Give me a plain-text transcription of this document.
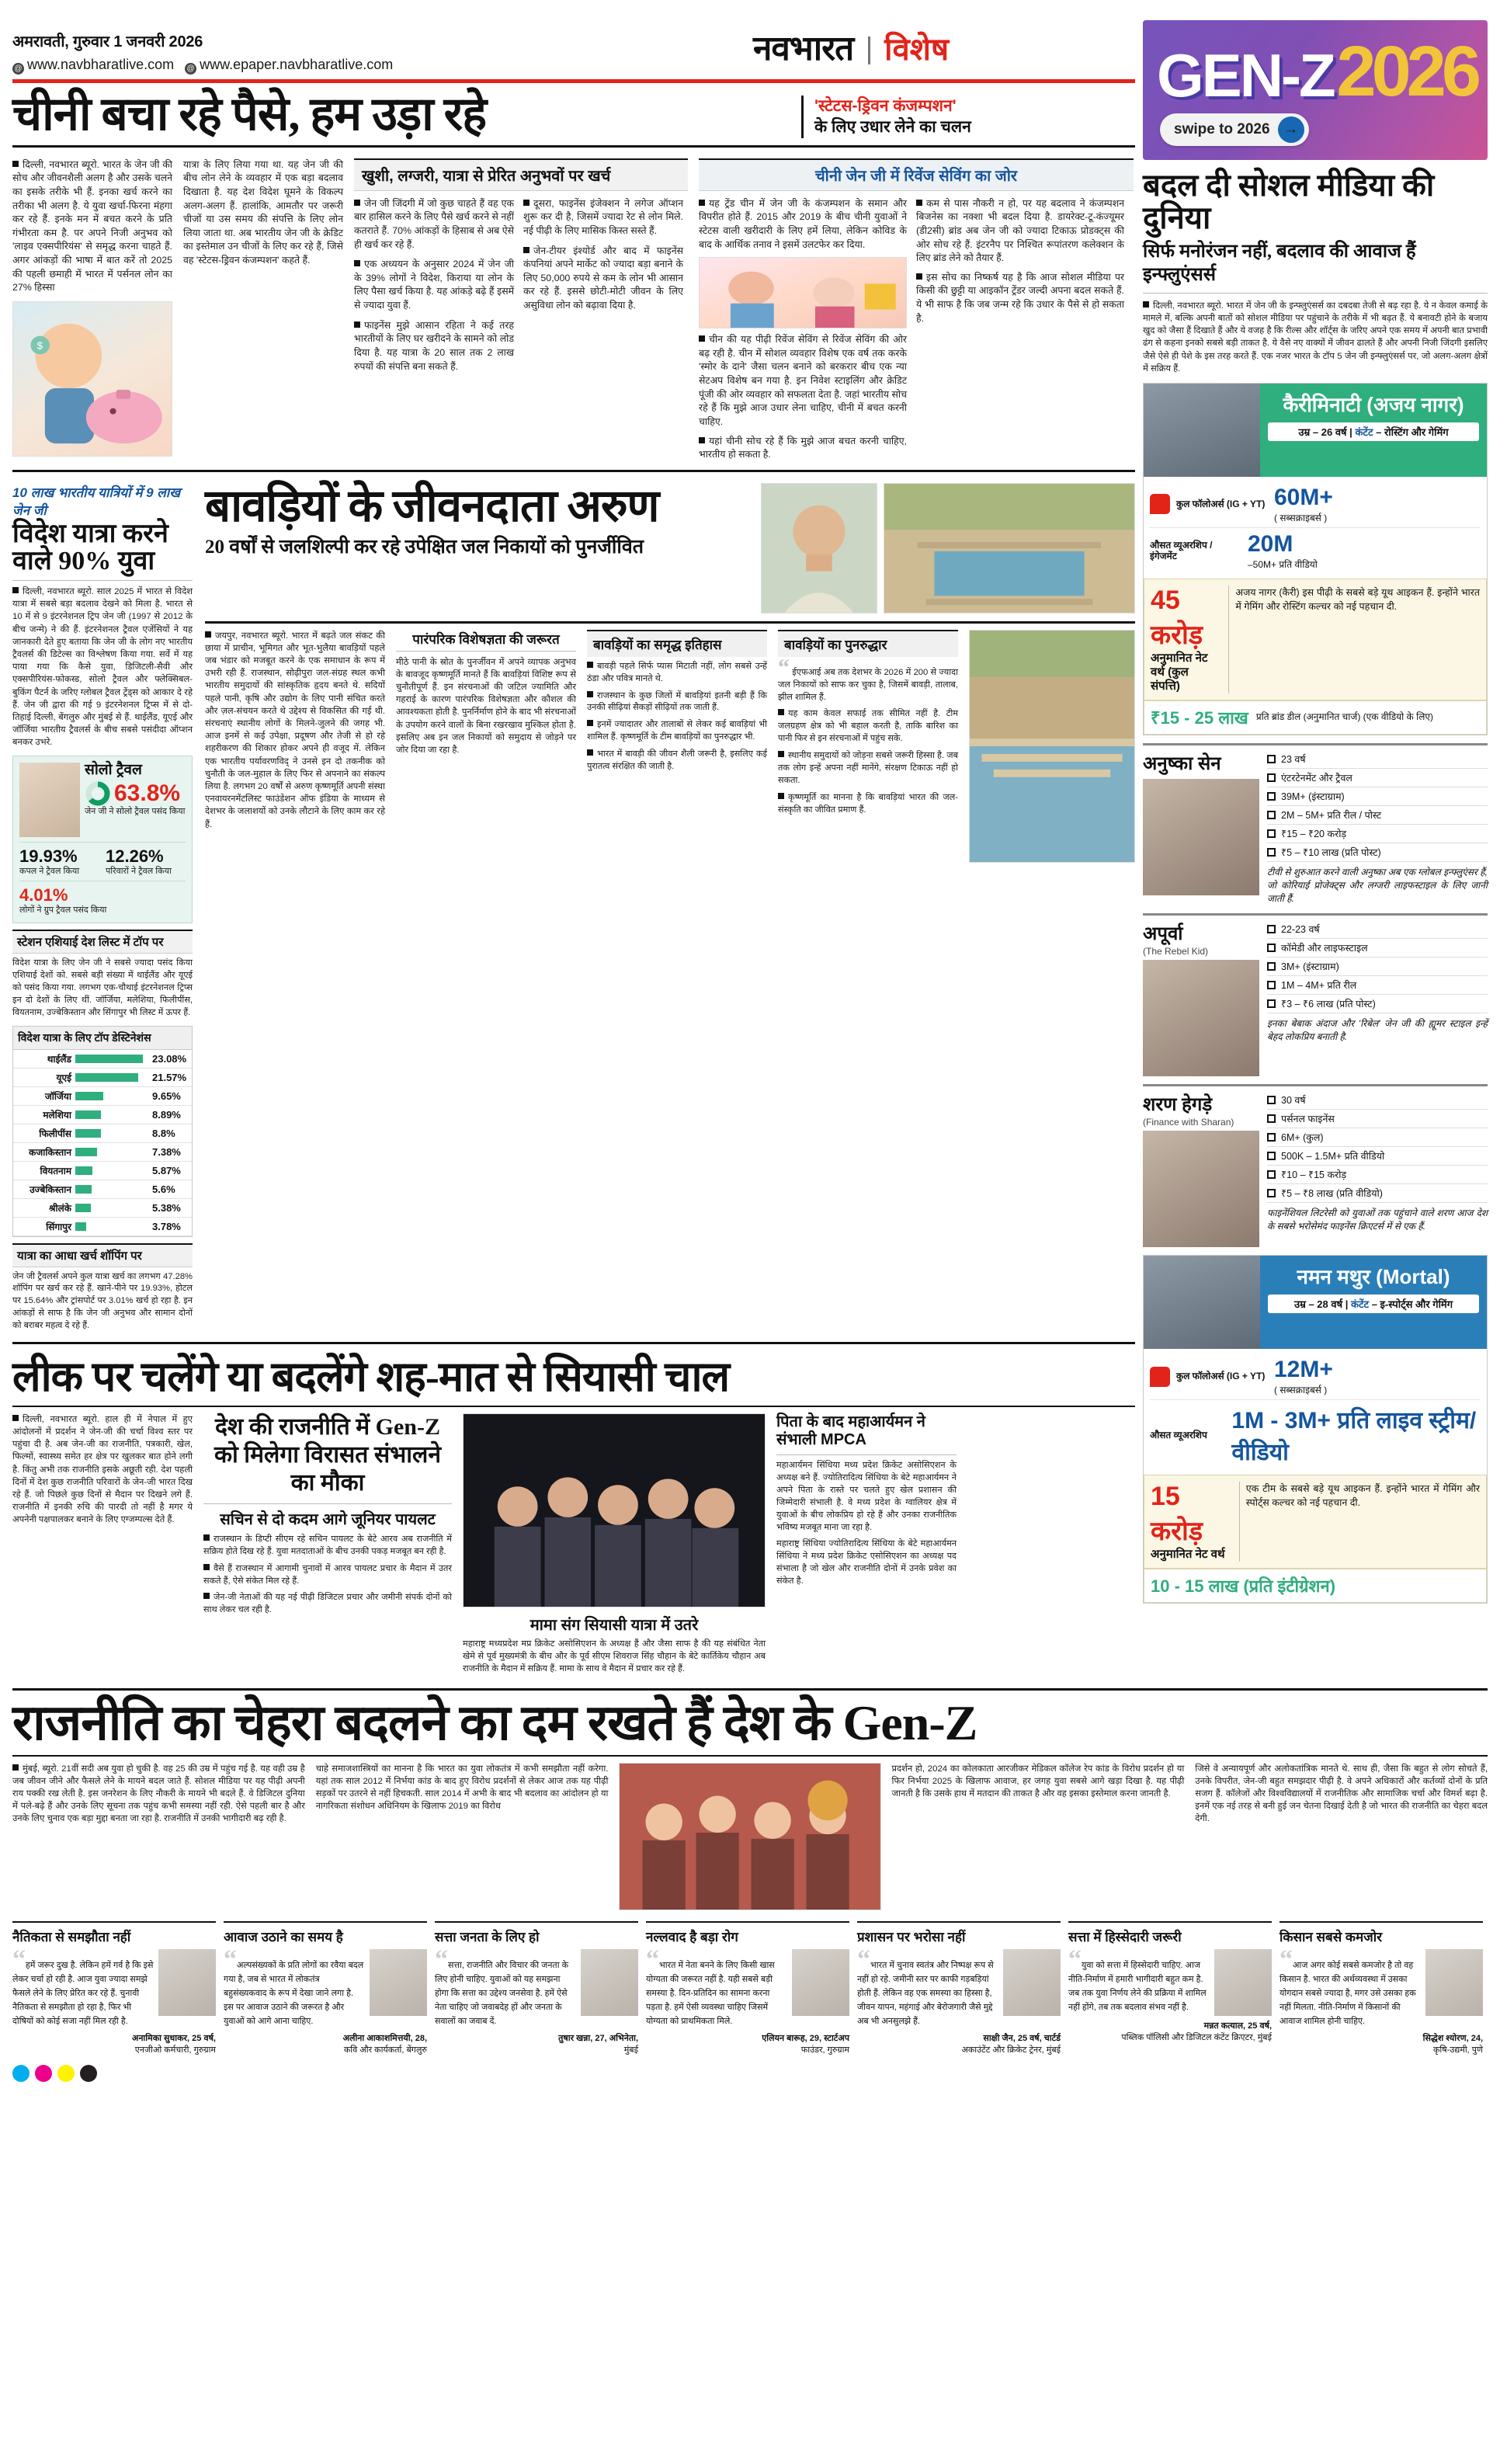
अमरावती, गुरुवार 1 जनवरी 2026
@ www.navbharatlive.com @ www.epaper.navbharatlive.com	नवभारत विशेष	2026
GEN-Z
swipe to 2026 →
चीनी बचा रहे पैसे, हम उड़ा रहे	'स्टेटस-ड्रिवन कंजम्पशन'
के लिए उधार लेने का चलन

दिल्ली, नवभारत ब्यूरो. भारत के जेन जी की सोच और जीवनशैली अलग है और उसके चलने का इसके तरीके भी हैं. इनका खर्च करने का तरीका भी अलग है. ये युवा खर्चा-फिरना मंहगा कर रहे हैं. इनके मन में बचत करने के प्रति गंभीरता कम है. पर अपने निजी अनुभव को 'लाइव एक्सपीरियंस' से समृद्ध करना चाहते हैं. अगर आंकड़ों की भाषा में बात करें तो 2025 की पहली छमाही में भारत में पर्सनल लोन का 27% हिस्सा

$

यात्रा के लिए लिया गया था. यह जेन जी की बीच लोन लेने के व्यवहार में एक बड़ा बदलाव दिखाता है. यह देश विदेश घूमने के विकल्प अलग-अलग हैं. हालांकि, आमतौर पर जरूरी चीजों या उस समय की संपत्ति के लिए लोन लिया जाता था. अब भारतीय जेन जी के क्रेडिट का इस्तेमाल उन चीजों के लिए कर रहे हैं, जिसे वह 'स्टेटस-ड्रिवन कंजम्पशन' कहते हैं.

खुशी, लग्जरी, यात्रा से प्रेरित अनुभवों पर खर्च

जेन जी जिंदगी में जो कुछ चाहते हैं वह एक बार हासिल करने के लिए पैसे खर्च करने से नहीं कतराते हैं. 70% आंकड़ों के हिसाब से अब ऐसे ही खर्च कर रहे हैं.

एक अध्ययन के अनुसार 2024 में जेन जी के 39% लोगों ने विदेश, किराया या लोन के लिए पैसा खर्च किया है. यह आंकड़े बढ़े हैं इसमें से ज्यादा युवा हैं.

फाइनेंस मुझे आसान रहिता ने कई तरह भारतीयों के लिए घर खरीदने के सामने को लोड दिया है. यह यात्रा के 20 साल तक 2 लाख रुपयों की संपत्ति बना सकते हैं.

दूसरा, फाइनेंस इंजेक्शन ने लगेज ऑप्शन शुरू कर दी है, जिसमें ज्यादा रेट से लोन मिले. नई पीढ़ी के लिए मासिक किस्त सस्ते हैं.

जेन-टीयर इंश्योर्ड और बाद में फाइनेंस कंपनियां अपने मार्केट को ज्यादा बड़ा बनाने के लिए 50,000 रुपये से कम के लोन भी आसान कर रहे हैं. इससे छोटी-मोटी जीवन के लिए असुविधा लोन को बढ़ावा दिया है.

चीनी जेन जी में रिवेंज सेविंग का जोर

यह ट्रेंड चीन में जेन जी के कंजम्पशन के समान और विपरीत होते हैं. 2015 और 2019 के बीच चीनी युवाओं ने स्टेटस वाली खरीदारी के लिए हमें लिया, लेकिन कोविड के बाद के आर्थिक तनाव ने इसमें उलटफेर कर दिया.

चीन की यह पीढ़ी रिवेंज सेविंग से रिवेंज सेविंग की ओर बढ़ रही है. चीन में सोशल व्यवहार विशेष एक वर्ष तक करके 'स्मोर के दाने' जैसा चलन बनाने को बरकरार बीच एक न्या सेटअप विशेष बन गया है. इन निवेश स्टाइलिंग और क्रेडिट पूंजी की ओर व्यवहार को सफलता देता है. जहां भारतीय सोच रहे हैं कि मुझे आज उधार लेना चाहिए, चीनी में बचत करनी चाहिए.

यहां चीनी सोच रहे हैं कि मुझे आज बचत करनी चाहिए, भारतीय हो सकता है.

कम से पास नौकरी न हो, पर यह बदलाव ने कंजम्पशन बिजनेस का नक्शा भी बदल दिया है. डायरेक्ट-टू-कंज्यूमर (डी2सी) ब्रांड अब जेन जी को ज्यादा टिकाऊ प्रोडक्ट्स की ओर सोच रहे हैं. इंटरनैप पर निश्चित रूपांतरण कलेक्शन के लिए ब्रांड लेने को तैयार हैं.

इस सोच का निष्कर्ष यह है कि आज सोशल मीडिया पर किसी की छुट्टी या आइकॉन ट्रेंडर जल्दी अपना बदल सकते हैं. ये भी साफ है कि जब जन्म रहे कि उधार के पैसे से हो सकता है.

10 लाख भारतीय यात्रियों में 9 लाख जेन जी
विदेश यात्रा करने वाले 90% युवा

दिल्ली, नवभारत ब्यूरो. साल 2025 में भारत से विदेश यात्रा में सबसे बड़ा बदलाव देखने को मिला है. भारत से 10 में से 9 इंटरनेशनल ट्रिप जेन जी (1997 से 2012 के बीच जन्मे) ने की हैं. इंटरनेशनल ट्रैवल एजेंसियों ने यह जानकारी देते हुए बताया कि जेन जी के लोग नए भारतीय ट्रैवलर्स की डिटेल्स का विश्लेषण किया गया. सर्वे में यह पाया गया कि कैसे युवा, डिजिटली-सैवी और एक्सपीरियंस-फोकस्ड, सोलो ट्रैवल और फ्लेक्सिबल-बुकिंग पैटर्न के जरिए ग्लोबल ट्रैवल ट्रेंड्स को आकार दे रहे हैं. जेन जी द्वारा की गई 9 इंटरनेशनल ट्रिप्स में से दो-तिहाई दिल्ली, बेंगलुरु और मुंबई से हैं. थाईलैंड, यूएई और जॉर्जिया भारतीय ट्रैवलर्स के बीच सबसे पसंदीदा ऑप्शन बनकर उभरे.

सोलो ट्रैवल
63.8%
जेन जी ने सोलो ट्रैवल पसंद किया
19.93%
कपल ने ट्रैवल किया
12.26%
परिवारों ने ट्रैवल किया
4.01%
लोगों ने ग्रुप ट्रैवल पसंद किया
स्टेशन एशियाई देश लिस्ट में टॉप पर

विदेश यात्रा के लिए जेन जी ने सबसे ज्यादा पसंद किया एशियाई देशों को. सबसे बड़ी संख्या में थाईलैंड और यूएई को पसंद किया गया. लगभग एक-चौथाई इंटरनेशनल ट्रिप्स इन दो देशों के लिए थीं. जॉर्जिया, मलेशिया, फिलीपींस, वियतनाम, उज्बेकिस्तान और सिंगापुर भी लिस्ट में ऊपर हैं.

विदेश यात्रा के लिए टॉप डेस्टिनेशंस
थाईलैंड	23.08%
यूएई	21.57%
जॉर्जिया	9.65%
मलेशिया	8.89%
फिलीपींस	8.8%
कजाकिस्तान	7.38%
वियतनाम	5.87%
उज्बेकिस्तान	5.6%
श्रीलंके	5.38%
सिंगापुर	3.78%
यात्रा का आधा खर्च शॉपिंग पर

जेन जी ट्रैवलर्स अपने कुल यात्रा खर्च का लगभग 47.28% शॉपिंग पर खर्च कर रहे हैं. खाने-पीने पर 19.93%, होटल पर 15.64% और ट्रांसपोर्ट पर 3.01% खर्च हो रहा है. इन आंकड़ों से साफ है कि जेन जी अनुभव और सामान दोनों को बराबर महत्व दे रहे हैं.

बावड़ियों के जीवनदाता अरुण
20 वर्षों से जलशिल्पी कर रहे उपेक्षित जल निकायों को पुनर्जीवित

जयपुर, नवभारत ब्यूरो. भारत में बढ़ते जल संकट की छाया में प्राचीन, भूमिगत और भूत-भुलैया बावड़ियों पहले जब भंडार को मजबूत करने के एक समाधान के रूप में उभरी रही हैं. राजस्थान, सोढ़ीपुरा जल-संग्रह स्थल कभी भारतीय समुदायों की सांस्कृतिक हृदय बनते थे. सदियों पहले पानी, कृषि और उद्योग के लिए पानी संचित करते और ज़ल-संचयन करते थे उद्देश्य से विकसित की गई थी. संरचनाएं स्थानीय लोगों के मिलने-जुलने की जगह भी. आज इनमें से कई उपेक्षा, प्रदूषण और तेजी से हो रहे शहरीकरण की शिकार होकर अपने ही वजूद में. लेकिन एक भारतीय पर्यावरणविद् ने उनसे इन दो तकनीक को चुनौती के जल-मुहाल के लिए फिर से अपनाने का संकल्प लिया है. लगभग 20 वर्षों से अरुण कृष्णमूर्ति अपनी संस्था एनवायरनमेंटलिस्ट फाउंडेशन ऑफ इंडिया के माध्यम से देशभर के जलाशयों को उनके लौटाने के लिए काम कर रहे हैं.

पारंपरिक विशेषज्ञता की जरूरत

मीठे पानी के स्रोत के पुनर्जीवन में अपने व्यापक अनुभव के बावजूद कृष्णमूर्ति मानते हैं कि बावड़ियां विशिष्ट रूप से चुनौतीपूर्ण हैं. इन संरचनाओं की जटिल ज्यामिति और गहराई के कारण पारंपरिक विशेषज्ञता और कौशल की आवश्यकता होती है. पुनर्निर्माण होने के बाद भी संरचनाओं के उपयोग करने वालों के बिना रखरखाव मुश्किल होता है. इसलिए अब इन जल निकायों को समुदाय से जोड़ने पर जोर दिया जा रहा है.

बावड़ियों का समृद्ध इतिहास

बावड़ी पहले सिर्फ प्यास मिटाती नहीं, लोग सबसे उन्हें ठंडा और पवित्र मानते थे.

राजस्थान के कुछ जिलों में बावड़ियां इतनी बड़ी हैं कि उनकी सीढ़ियां सैकड़ों सीढ़ियों तक जाती हैं.

इनमें ज्यादातर और तालाबों से लेकर कई बावड़ियां भी शामिल हैं. कृष्णमूर्ति के टीम बावड़ियों का पुनरुद्धार भी.

भारत में बावड़ी की जीवन शैली जरूरी है, इसलिए कई पुरातत्व संरक्षित की जाती है.

बावड़ियों का पुनरुद्धार

“ ईएफआई अब तक देशभर के 2026 में 200 से ज्यादा जल निकायों को साफ कर चुका है, जिसमें बावड़ी, तालाब, झील शामिल हैं.

यह काम केवल सफाई तक सीमित नहीं है. टीम जलग्रहण क्षेत्र को भी बहाल करती है, ताकि बारिश का पानी फिर से इन संरचनाओं में पहुंच सके.

स्थानीय समुदायों को जोड़ना सबसे जरूरी हिस्सा है. जब तक लोग इन्हें अपना नहीं मानेंगे, संरक्षण टिकाऊ नहीं हो सकता.

कृष्णमूर्ति का मानना है कि बावड़ियां भारत की जल-संस्कृति का जीवित प्रमाण हैं.

लीक पर चलेंगे या बदलेंगे शह-मात से सियासी चाल

दिल्ली, नवभारत ब्यूरो. हाल ही में नेपाल में हुए आंदोलनों में प्रदर्शन ने जेन-जी की चर्चा विश्व स्तर पर पहुंचा दी है. अब जेन-जी का राजनीति, पत्रकारी, खेल, फिल्मों, स्वास्थ्य समेत हर क्षेत्र पर खुलकर बात होने लगी है. किंतु अभी तक राजनीति इसके अछूती रही. देश पहली दिनों में देश कुछ राजनीति परिवारों के जेन-जी भारत दिख रहे हैं. जो पिछले कुछ दिनों से मैदान पर दिखने लगे हैं. राजनीति में इनकी रुचि की पारदी तो नहीं है मगर ये अपनेनी पक्षपालकर बनाने के लिए एग्जम्पल्स देते हैं.

देश की राजनीति में Gen-Z को मिलेगा विरासत संभालने का मौका
सचिन से दो कदम आगे जूनियर पायलट

राजस्थान के डिप्टी सीएम रहे सचिन पायलट के बेटे आरव अब राजनीति में सक्रिय होते दिख रहे हैं. युवा मतदाताओं के बीच उनकी पकड़ मजबूत बन रही है.

वैसे हैं राजस्थान में आगामी चुनावों में आरव पायलट प्रचार के मैदान में उतर सकते हैं, ऐसे संकेत मिल रहे हैं.

जेन-जी नेताओं की यह नई पीढ़ी डिजिटल प्रचार और जमीनी संपर्क दोनों को साथ लेकर चल रही है.

मामा संग सियासी यात्रा में उतरे

महाराष्ट्र मध्यप्रदेश मप्र क्रिकेट असोसिएशन के अध्यक्ष हैं और जैसा साफ है की यह संबंधित नेता खेमे से पूर्व मुख्यमंत्री के बीच और के पूर्व सीएम शिवराज सिंह चौहान के बेटे कार्तिकेय चौहान अब राजनीति के मैदान में सक्रिय हैं. मामा के साथ वे मैदान में प्रचार कर रहे हैं.

पिता के बाद महाआर्यमन ने संभाली MPCA

महाआर्यमन सिंधिया मध्य प्रदेश क्रिकेट असोसिएशन के अध्यक्ष बने हैं. ज्योतिरादित्य सिंधिया के बेटे महाआर्यमन ने अपने पिता के रास्ते पर चलते हुए खेल प्रशासन की जिम्मेदारी संभाली है. वे मध्य प्रदेश के ग्वालियर क्षेत्र में युवाओं के बीच लोकप्रिय हो रहे हैं और उनका राजनीतिक भविष्य मजबूत माना जा रहा है.

महाराष्ट्र सिंधिया ज्योतिरादित्य सिंधिया के बेटे महाआर्यमन सिंधिया ने मध्य प्रदेश क्रिकेट एसोसिएशन का अध्यक्ष पद संभाला है जो खेल और राजनीति दोनों में उनके प्रवेश का संकेत है.

राजनीति का चेहरा बदलने का दम रखते हैं देश के Gen-Z

मुंबई, ब्यूरो. 21वीं सदी अब युवा हो चुकी है. वह 25 की उम्र में पहुंच गई है. यह वही उम्र है जब जीवन जीने और फैसले लेने के मायने बदल जाते हैं. सोशल मीडिया पर यह पीढ़ी अपनी राय पक्की रख लेती है. इस जनरेशन के लिए नौकरी के मायने भी बदले हैं. वे डिजिटल दुनिया में पले-बढ़े हैं और उनके लिए सूचना तक पहुंच कभी समस्या नहीं रही. ऐसे पहली बार है और उनके लिए चुनाव एक बड़ा मुद्दा बनता जा रहा है. राजनीति में उनकी भागीदारी बढ़ रही है.

चाहे समाजशास्त्रियों का मानना है कि भारत का युवा लोकतंत्र में कभी समझौता नहीं करेगा. यहां तक साल 2012 में निर्भया कांड के बाद हुए विरोध प्रदर्शनों से लेकर आज तक यह पीढ़ी सड़कों पर उतरने से नहीं हिचकती. साल 2014 में अभी के बाद भी बदलाव का आंदोलन हो या नागरिकता संशोधन अधिनियम के खिलाफ 2019 का विरोध

प्रदर्शन हो, 2024 का कोलकाता आरजीकर मेडिकल कॉलेज रेप कांड के विरोध प्रदर्शन हो या फिर निर्भया 2025 के खिलाफ आवाज, हर जगह युवा सबसे आगे खड़ा दिखा है. यह पीढ़ी जानती है कि उसके हाथ में मतदान की ताकत है और वह इसका इस्तेमाल करना जानती है.

जिसे वे अन्यायपूर्ण और अलोकतांत्रिक मानते थे. साथ ही, जैसा कि बहुत से लोग सोचते हैं, उनके विपरीत, जेन-जी बहुत समझदार पीढ़ी है. वे अपने अधिकारों और कर्तव्यों दोनों के प्रति सजग हैं. कॉलेजों और विश्वविद्यालयों में राजनीतिक और सामाजिक चर्चा और विमर्श बढ़ा है. इनमें एक नई तरह से बनी हुई जन चेतना दिखाई देती है जो भारत की राजनीति का चेहरा बदल देगी.

नैतिकता से समझौता नहीं
“हमें जरूर दुख है. लेकिन हमें गर्व है कि इसे लेकर चर्चा हो रही है. आज युवा ज्यादा समझे फैसले लेने के लिए प्रेरित कर रहे हैं. चुनावी नैतिकता से समझौता हो रहा है, फिर भी दोषियों को कोई सजा नहीं मिल रही है.
अनामिका सुधाकर, 25 वर्ष,
एनजीओ कर्मचारी, गुरुग्राम
आवाज उठाने का समय है
“अल्पसंख्यकों के प्रति लोगों का रवैया बदल गया है, जब से भारत में लोकतंत्र बहुसंख्यकवाद के रूप में देखा जाने लगा है. इस पर आवाज उठाने की जरूरत है और युवाओं को आगे आना चाहिए.
अलीना आकाशमित्तयी, 28,
कवि और कार्यकर्ता, बेंगलुरु
सत्ता जनता के लिए हो
“सत्ता, राजनीति और विचार की जनता के लिए होनी चाहिए. युवाओं को यह समझना होगा कि सत्ता का उद्देश्य जनसेवा है. हमें ऐसे नेता चाहिए जो जवाबदेह हों और जनता के सवालों का जवाब दें.
तुषार खन्ना, 27, अभिनेता,
मुंबई
नल्लवाद है बड़ा रोग
“भारत में नेता बनने के लिए किसी खास योग्यता की जरूरत नहीं है. यही सबसे बड़ी समस्या है. दिन-प्रतिदिन का सामना करना पड़ता है. हमें ऐसी व्यवस्था चाहिए जिसमें योग्यता को प्राथमिकता मिले.
एलियन बारूह, 29, स्टार्टअप
फाउंडर, गुरुग्राम
प्रशासन पर भरोसा नहीं
“भारत में चुनाव स्वतंत्र और निष्पक्ष रूप से नहीं हो रहे. जमीनी स्तर पर काफी गड़बड़ियां होती हैं. लेकिन वह एक समस्या का हिस्सा है, जीवन यापन, महंगाई और बेरोजगारी जैसे मुद्दे अब भी अनसुलझे हैं.
साक्षी जैन, 25 वर्ष, चार्टर्ड
अकाउंटेंट और क्रिकेट ट्रेनर, मुंबई
सत्ता में हिस्सेदारी जरूरी
“युवा को सत्ता में हिस्सेदारी चाहिए. आज नीति-निर्माण में हमारी भागीदारी बहुत कम है. जब तक युवा निर्णय लेने की प्रक्रिया में शामिल नहीं होंगे, तब तक बदलाव संभव नहीं है.
मन्नत कत्याल, 25 वर्ष,
पब्लिक पॉलिसी और डिजिटल कंटेंट क्रिएटर, मुंबई
किसान सबसे कमजोर
“आज अगर कोई सबसे कमजोर है तो वह किसान है. भारत की अर्थव्यवस्था में उसका योगदान सबसे ज्यादा है, मगर उसे उसका हक नहीं मिलता. नीति-निर्माण में किसानों की आवाज शामिल होनी चाहिए.
सिद्धेश श्योरण, 24,
कृषि-उद्यमी, पुणे
बदल दी सोशल मीडिया की दुनिया
सिर्फ मनोरंजन नहीं, बदलाव की आवाज हैं इन्फ्लुएंसर्स

दिल्ली, नवभारत ब्यूरो. भारत में जेन जी के इन्फ्लुएंसर्स का दबदबा तेजी से बढ़ रहा है. ये न केवल कमाई के मामले में, बल्कि अपनी बातों को सोशल मीडिया पर पहुंचाने के तरीके में भी बढ़त हैं. ये बनावटी होने के बजाय खुद को जैसा हैं दिखाते हैं और ये वजह है कि रील्स और शॉर्ट्स के जरिए अपने एक समय में अपनी बात प्रभावी ढंग से कहना इनको सबसे बड़ी ताकत है. ये वैसे नए वाक्यों में जीवन ढालते हैं और अपनी निजी जिंदगी इसलिए जैसे ऐसे ही पेशे के इस तरह करते हैं. एक नजर भारत के टॉप 5 जेन जी इन्फ्लुएंसर्स पर, जो अलग-अलग क्षेत्रों में सक्रिय हैं.

कैरीमिनाटी (अजय नागर)
उम्र – 26 वर्ष | कंटेंट – रोस्टिंग और गेमिंग
कुल फॉलोअर्स (IG + YT) 60M+
( सब्सक्राइबर्स )
औसत व्यूअरशिप / इंगेजमेंट	20M
–50M+ प्रति वीडियो
45 करोड़
अनुमानित नेट वर्थ (कुल संपत्ति)
अजय नागर (कैरी) इस पीढ़ी के सबसे बड़े यूथ आइकन हैं. इन्होंने भारत में गेमिंग और रोस्टिंग कल्चर को नई पहचान दी.
₹15 - 25 लाख प्रति ब्रांड डील (अनुमानित चार्ज) (एक वीडियो के लिए)
अनुष्का सेन	23 वर्ष
एंटरटेनमेंट और ट्रैवल
39M+ (इंस्टाग्राम)
2M – 5M+ प्रति रील / पोस्ट
₹15 – ₹20 करोड़
₹5 – ₹10 लाख (प्रति पोस्ट)
टीवी से शुरुआत करने वाली अनुष्का अब एक ग्लोबल इन्फ्लुएंसर हैं, जो कोरियाई प्रोजेक्ट्स और लग्जरी लाइफस्टाइल के लिए जानी जाती हैं.
अपूर्वा
(The Rebel Kid)
22-23 वर्ष
कॉमेडी और लाइफस्टाइल
3M+ (इंस्टाग्राम)
1M – 4M+ प्रति रील
₹3 – ₹6 लाख (प्रति पोस्ट)
इनका बेबाक अंदाज और 'रिबेल' जेन जी की ह्यूमर स्टाइल इन्हें बेहद लोकप्रिय बनाती है.
शरण हेगड़े
(Finance with Sharan)
30 वर्ष
पर्सनल फाइनेंस
6M+ (कुल)
500K – 1.5M+ प्रति वीडियो
₹10 – ₹15 करोड़
₹5 – ₹8 लाख (प्रति वीडियो)
फाइनेंशियल लिटरेसी को युवाओं तक पहुंचाने वाले शरण आज देश के सबसे भरोसेमंद फाइनेंस क्रिएटर्स में से एक हैं.
नमन मथुर (Mortal)
उम्र – 28 वर्ष | कंटेंट – इ-स्पोर्ट्स और गेमिंग
कुल फॉलोअर्स (IG + YT) 12M+
( सब्सक्राइबर्स )
औसत व्यूअरशिप
1M - 3M+ प्रति लाइव स्ट्रीम/वीडियो
15 करोड़
अनुमानित नेट वर्थ
एक टीम के सबसे बड़े यूथ आइकन हैं. इन्होंने भारत में गेमिंग और स्पोर्ट्स कल्चर को नई पहचान दी.
10 - 15 लाख (प्रति इंटीग्रेशन)
